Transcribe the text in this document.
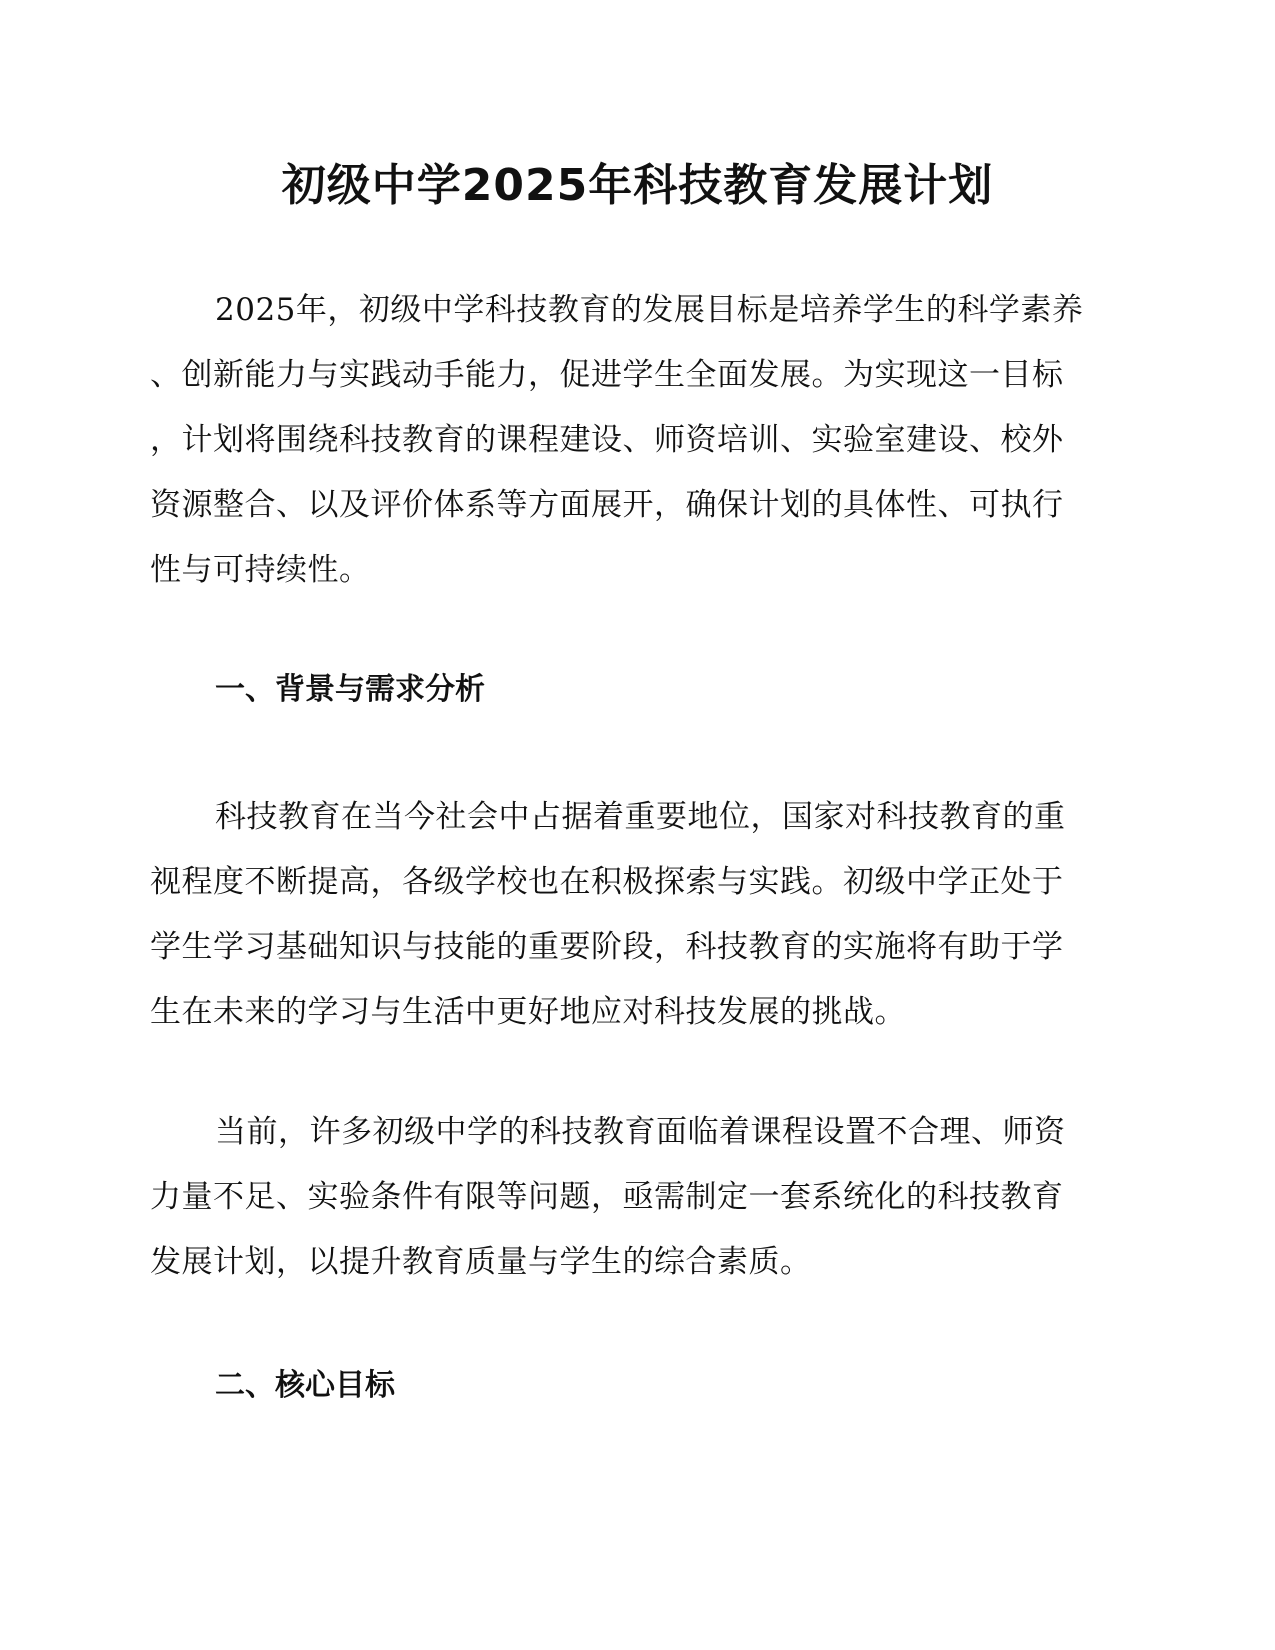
初级中学2025年科技教育发展计划
2025年，初级中学科技教育的发展目标是培养学生的科学素养
、创新能力与实践动手能力，促进学生全面发展。为实现这一目标
，计划将围绕科技教育的课程建设、师资培训、实验室建设、校外
资源整合、以及评价体系等方面展开，确保计划的具体性、可执行
性与可持续性。
一、背景与需求分析
科技教育在当今社会中占据着重要地位，国家对科技教育的重
视程度不断提高，各级学校也在积极探索与实践。初级中学正处于
学生学习基础知识与技能的重要阶段，科技教育的实施将有助于学
生在未来的学习与生活中更好地应对科技发展的挑战。
当前，许多初级中学的科技教育面临着课程设置不合理、师资
力量不足、实验条件有限等问题，亟需制定一套系统化的科技教育
发展计划，以提升教育质量与学生的综合素质。
二、核心目标
